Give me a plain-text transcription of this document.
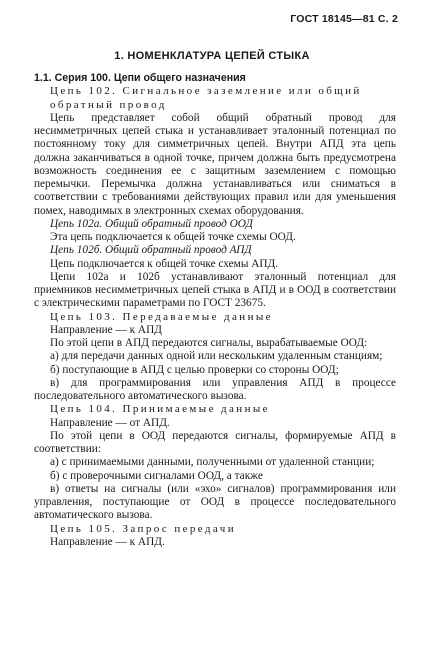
ГОСТ 18145—81 С. 2
1. НОМЕНКЛАТУРА ЦЕПЕЙ СТЫКА

1.1. Серия 100. Цепи общего назначения

Цепь 102. Сигнальное заземление или общий обратный провод

Цепь представляет собой общий обратный провод для несимметричных цепей стыка и устанавливает эталонный потенциал по постоянному току для симметричных цепей. Внутри АПД эта цепь должна заканчиваться в одной точке, причем должна быть предусмотрена возможность соединения ее с защитным заземлением с помощью перемычки. Перемычка должна устанавливаться или сниматься в соответствии с требованиями действующих правил или для уменьшения помех, наводимых в электронных схемах оборудования.

Цепь 102а. Общий обратный провод ООД

Эта цепь подключается к общей точке схемы ООД.

Цепь 102б. Общий обратный провод АПД

Цепь подключается к общей точке схемы АПД.

Цепи 102а и 102б устанавливают эталонный потенциал для приемников несимметричных цепей стыка в АПД и в ООД в соответствии с электрическими параметрами по ГОСТ 23675.

Цепь 103. Передаваемые данные

Направление — к АПД

По этой цепи в АПД передаются сигналы, вырабатываемые ООД:

а) для передачи данных одной или нескольким удаленным станциям;

б) поступающие в АПД с целью проверки со стороны ООД;

в) для программирования или управления АПД в процессе последовательного автоматического вызова.

Цепь 104. Принимаемые данные

Направление — от АПД.

По этой цепи в ООД передаются сигналы, формируемые АПД в соответствии:

а) с принимаемыми данными, полученными от удаленной станции;

б) с проверочными сигналами ООД, а также

в) ответы на сигналы (или «эхо» сигналов) программирования или управления, поступающие от ООД в процессе последовательного автоматического вызова.

Цепь 105. Запрос передачи

Направление — к АПД.
